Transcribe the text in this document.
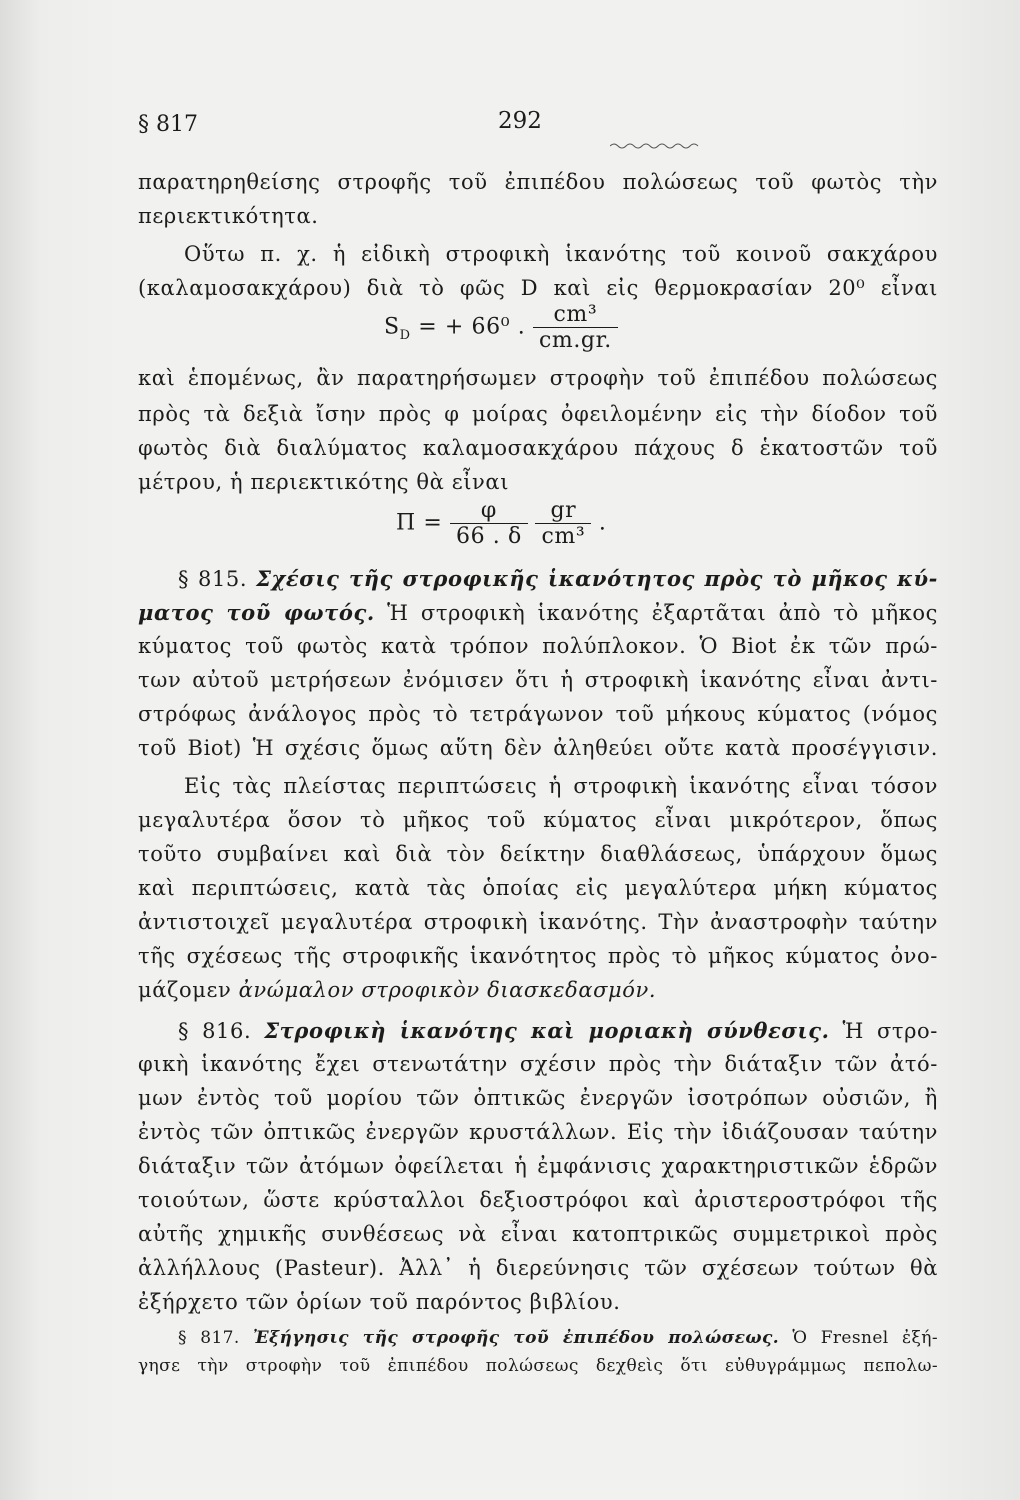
§ 817	292
παρατηρηθείσης στροφῆς τοῦ ἐπιπέδου πολώσεως τοῦ φωτὸς τὴν
περιεκτικότητα.
Οὕτω π. χ. ἡ εἰδικὴ στροφικὴ ἱκανότης τοῦ κοινοῦ σακχάρου
(καλαμοσακχάρου) διὰ τὸ φῶς D καὶ εἰς θερμοκρασίαν 20⁰ εἶναι
$S_D$ = + 66⁰ . $\frac{\text{cm³}}{cm.gr.}$
καὶ ἑπομένως, ἂν παρατηρήσωμεν στροφὴν τοῦ ἐπιπέδου πολώσεως
πρὸς τὰ δεξιὰ ἴσην πρὸς φ μοίρας ὀφειλομένην εἰς τὴν δίοδον τοῦ
φωτὸς διὰ διαλύματος καλαμοσακχάρου πάχους δ ἑκατοστῶν τοῦ
μέτρου, ἡ περιεκτικότης θὰ εἶναι
$\Pi = \frac{\varphi}{66 . \delta}$
$\frac{gr}{\text{cm³}}$ .
§ 815. Σχέσις τῆς στροφικῆς ἱκανότητος πρὸς τὸ μῆκος κύ-
ματος τοῦ φωτός. Ἡ στροφικὴ ἱκανότης ἐξαρτᾶται ἀπὸ τὸ μῆκος
κύματος τοῦ φωτὸς κατὰ τρόπον πολύπλοκον. Ὁ Biot ἐκ τῶν πρώ-
των αὐτοῦ μετρήσεων ἐνόμισεν ὅτι ἡ στροφικὴ ἱκανότης εἶναι ἀντι-
στρόφως ἀνάλογος πρὸς τὸ τετράγωνον τοῦ μήκους κύματος (νόμος
τοῦ Biot) Ἡ σχέσις ὅμως αὕτη δὲν ἀληθεύει οὔτε κατὰ προσέγγισιν.
Εἰς τὰς πλείστας περιπτώσεις ἡ στροφικὴ ἱκανότης εἶναι τόσον
μεγαλυτέρα ὅσον τὸ μῆκος τοῦ κύματος εἶναι μικρότερον, ὅπως
τοῦτο συμβαίνει καὶ διὰ τὸν δείκτην διαθλάσεως, ὑπάρχουν ὅμως
καὶ περιπτώσεις, κατὰ τὰς ὁποίας εἰς μεγαλύτερα μήκη κύματος
ἀντιστοιχεῖ μεγαλυτέρα στροφικὴ ἱκανότης. Τὴν ἀναστροφὴν ταύτην
τῆς σχέσεως τῆς στροφικῆς ἱκανότητος πρὸς τὸ μῆκος κύματος ὀνο-
μάζομεν ἀνώμαλον στροφικὸν διασκεδασμόν.
§ 816. Στροφικὴ ἱκανότης καὶ μοριακὴ σύνθεσις. Ἡ στρο-
φικὴ ἱκανότης ἔχει στενωτάτην σχέσιν πρὸς τὴν διάταξιν τῶν ἀτό-
μων ἐντὸς τοῦ μορίου τῶν ὀπτικῶς ἐνεργῶν ἰσοτρόπων οὐσιῶν, ἢ
ἐντὸς τῶν ὀπτικῶς ἐνεργῶν κρυστάλλων. Εἰς τὴν ἰδιάζουσαν ταύτην
διάταξιν τῶν ἀτόμων ὀφείλεται ἡ ἐμφάνισις χαρακτηριστικῶν ἑδρῶν
τοιούτων, ὥστε κρύσταλλοι δεξιοστρόφοι καὶ ἀριστεροστρόφοι τῆς
αὐτῆς χημικῆς συνθέσεως νὰ εἶναι κατοπτρικῶς συμμετρικοὶ πρὸς
ἀλλήλλους (Pasteur). Ἀλλ᾽ ἡ διερεύνησις τῶν σχέσεων τούτων θὰ
ἐξήρχετο τῶν ὁρίων τοῦ παρόντος βιβλίου.
§ 817. Ἐξήγησις τῆς στροφῆς τοῦ ἐπιπέδου πολώσεως. Ὁ Fresnel ἐξή-
γησε τὴν στροφὴν τοῦ ἐπιπέδου πολώσεως δεχθεὶς ὅτι εὐθυγράμμως πεπολω-
